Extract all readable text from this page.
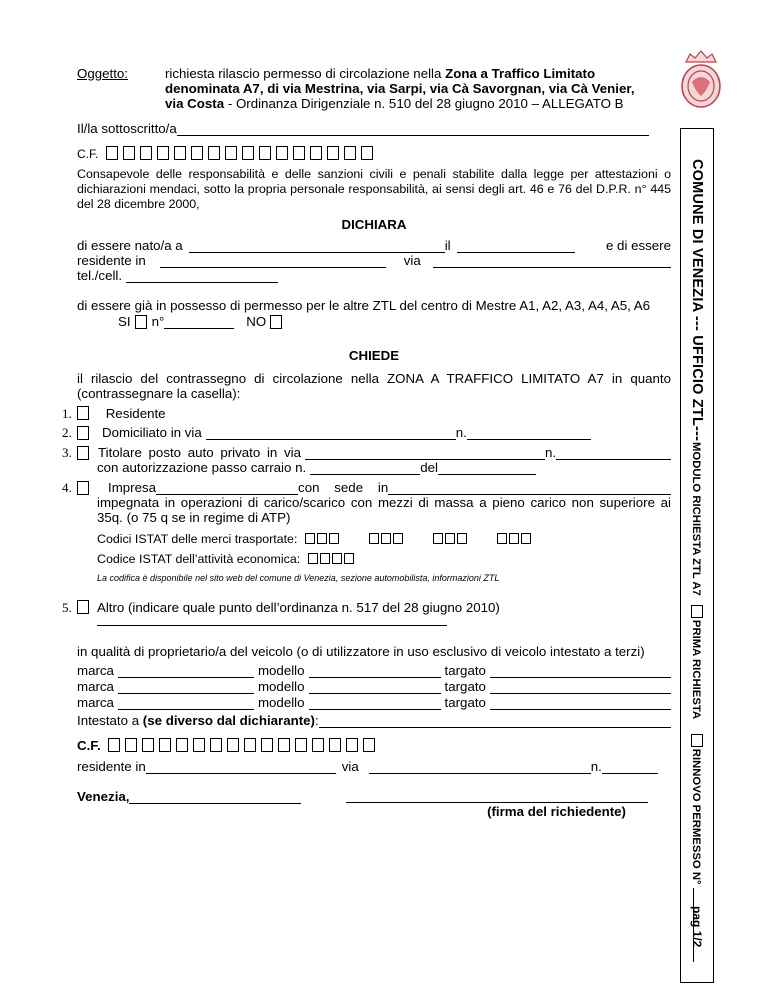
Oggetto:	richiesta rilascio permesso di circolazione nella Zona a Traffico Limitato
denominata A7, di via Mestrina, via Sarpi, via Cà Savorgnan, via Cà Venier,
via Costa - Ordinanza Dirigenziale n. 510 del 28 giugno 2010 – ALLEGATO B
Il/la sottoscritto/a
C.F.
Consapevole delle responsabilità e delle sanzioni civili e penali stabilite dalla legge per attestazioni o dichiarazioni mendaci, sotto la propria personale responsabilità, ai sensi degli art. 46 e 76 del D.P.R. n° 445 del 28 dicembre 2000,
DICHIARA
di essere nato/a a	il	e di essere
residente in	via
tel./cell.
di essere già in possesso di permesso per le altre ZTL del centro di Mestre A1, A2, A3, A4, A5, A6
SI n°	NO
CHIEDE
il rilascio del contrassegno di circolazione nella ZONA A TRAFFICO LIMITATO A7 in quanto (contrassegnare la casella):
1.	Residente
2. Domiciliato in via	n.
3. Titolare posto auto privato in via	n.
con autorizzazione passo carraio n.	del
4.	Impresa	con    sede    in
impegnata in operazioni di carico/scarico con mezzi di massa a pieno carico non superiore ai 35q. (o 75 q se in regime di ATP)
Codici ISTAT delle merci trasportate:
Codice ISTAT dell’attività economica:
La codifica è disponibile nel sito web del comune di Venezia, sezione automobilista, informazioni ZTL
5.	Altro (indicare quale punto dell’ordinanza n. 517 del 28 giugno 2010)
in qualità di proprietario/a del veicolo (o di utilizzatore in uso esclusivo di veicolo intestato a terzi)
marca	modello	targato
marca	modello	targato
marca	modello	targato
Intestato a (se diverso dal dichiarante) :
C.F.
residente in	via	n.
Venezia,
(firma del richiedente)
COMUNE DI VENEZIA --- UFFICIO ZTL---
MODULO RICHIESTA ZTL A7 PRIMA RICHIESTA RINNOVO PERMESSO N°
pag 1/2
